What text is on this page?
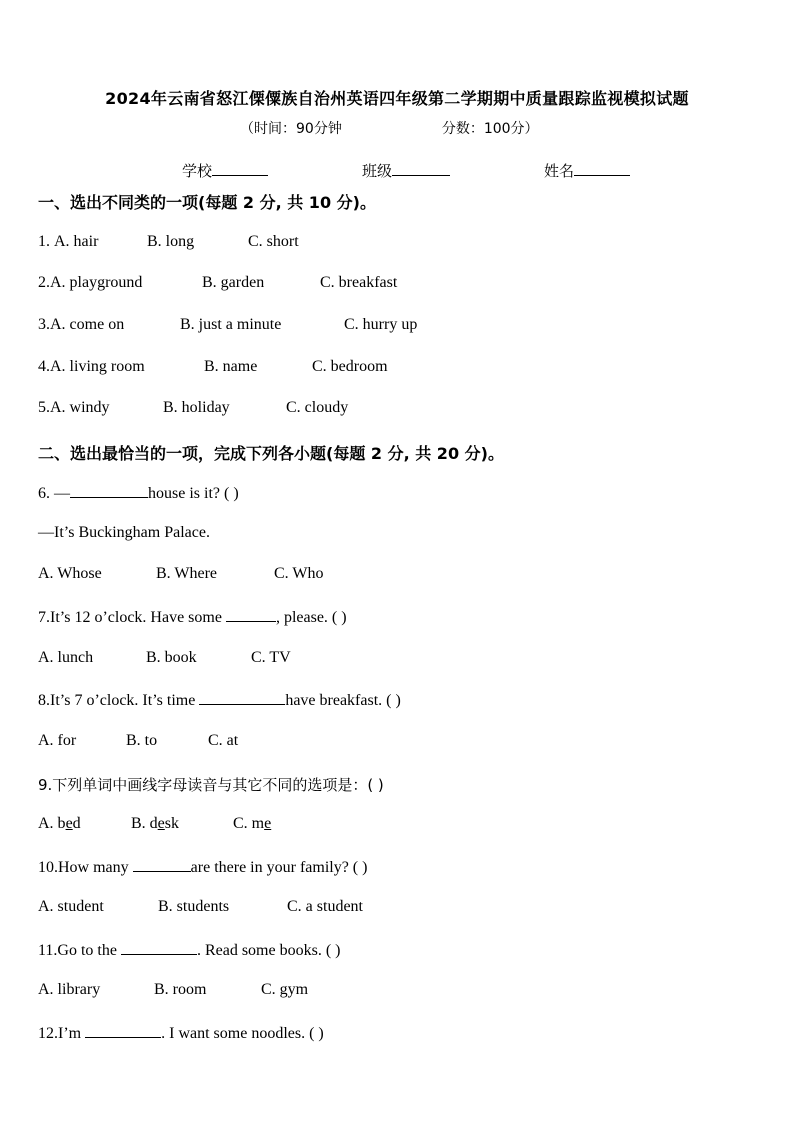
2024年云南省怒江傈僳族自治州英语四年级第二学期期中质量跟踪监视模拟试题
（时间：90分钟	分数：100分）
学校	班级	姓名
一、选出不同类的一项(每题 2 分, 共 10 分)。
1. A. hair	B. long	C. short
2.A. playground	B. garden	C. breakfast
3.A. come on	B. just a minute	C. hurry up
4.A. living room	B. name	C. bedroom
5.A. windy	B. holiday	C. cloudy
二、选出最恰当的一项，完成下列各小题(每题 2 分, 共 20 分)。
6. —	house is it? ( )
—It’s Buckingham Palace.
A. Whose	B. Where	C. Who
7.It’s 12 o’clock. Have some	, please. ( )
A. lunch	B. book	C. TV
8.It’s 7 o’clock. It’s time	have breakfast. ( )
A. for	B. to	C. at
9.下列单词中画线字母读音与其它不同的选项是：( )
A. bed	B. desk	C. me
10.How many	are there in your family? ( )
A. student	B. students	C. a student
11.Go to the	. Read some books. ( )
A. library	B. room	C. gym
12.I’m	. I want some noodles. ( )
